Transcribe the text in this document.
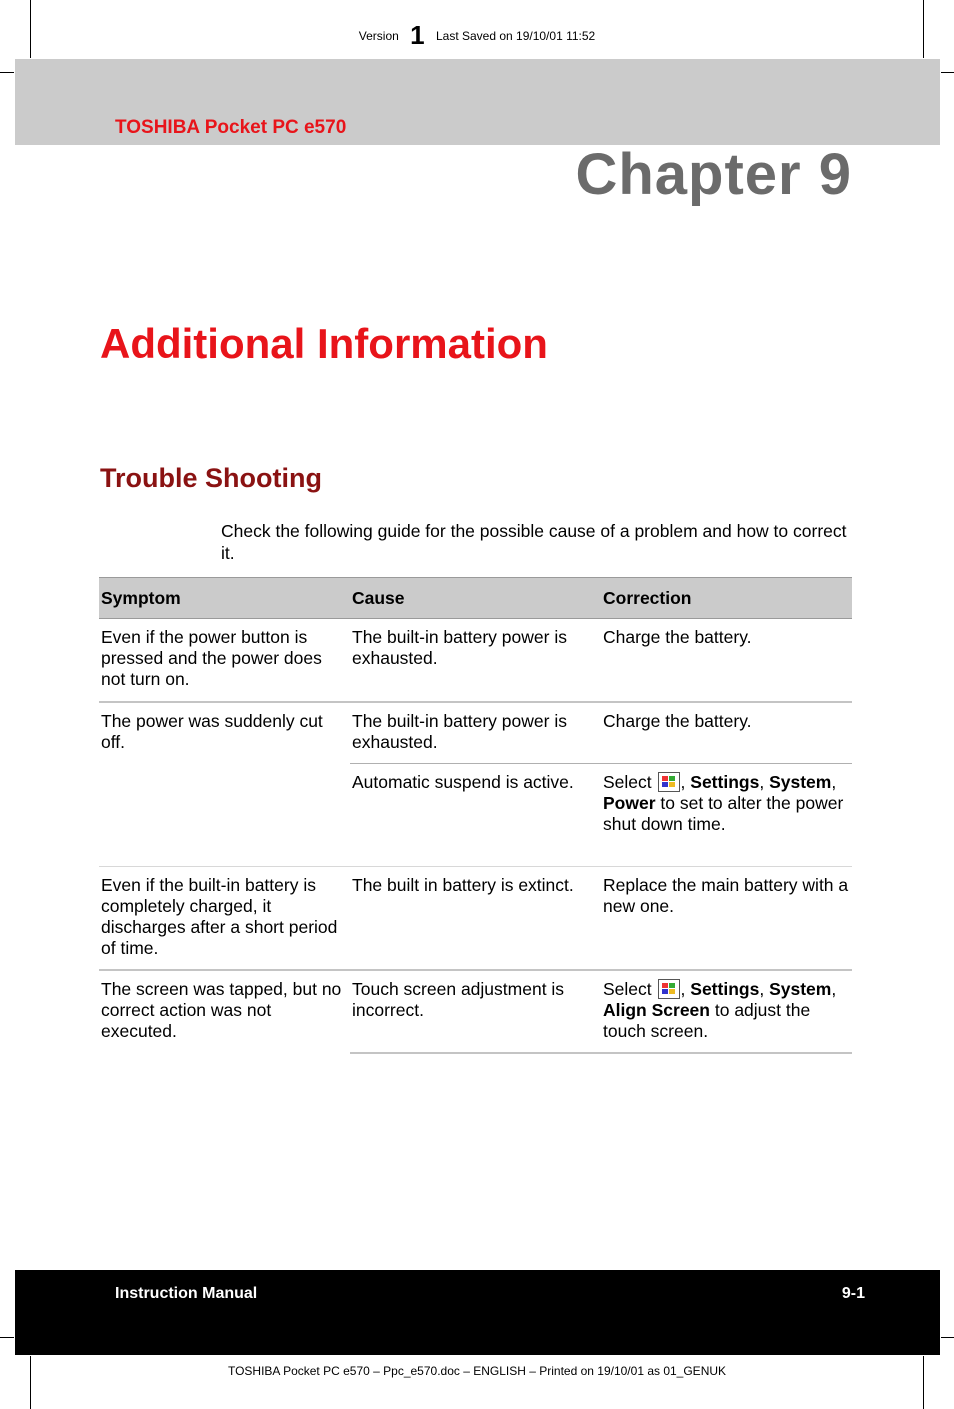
Version 1 Last Saved on 19/10/01 11:52
TOSHIBA Pocket PC e570
Chapter 9
Additional Information
Trouble Shooting
Check the following guide for the possible cause of a problem and how to correct it.
Symptom	Cause	Correction
Even if the power button is pressed and the power does not turn on.	The built-in battery power is exhausted.	Charge the battery.
The power was suddenly cut off.	The built-in battery power is exhausted.	Charge the battery.
	Automatic suspend is active.	Select , Settings, System, Power to set to alter the power shut down time.
Even if the built-in battery is completely charged, it discharges after a short period of time.	The built in battery is extinct.	Replace the main battery with a new one.
The screen was tapped, but no correct action was not executed.	Touch screen adjustment is incorrect.	Select , Settings, System, Align Screen to adjust the touch screen.
Instruction Manual	9-1
TOSHIBA Pocket PC e570 – Ppc_e570.doc – ENGLISH – Printed on 19/10/01 as 01_GENUK
